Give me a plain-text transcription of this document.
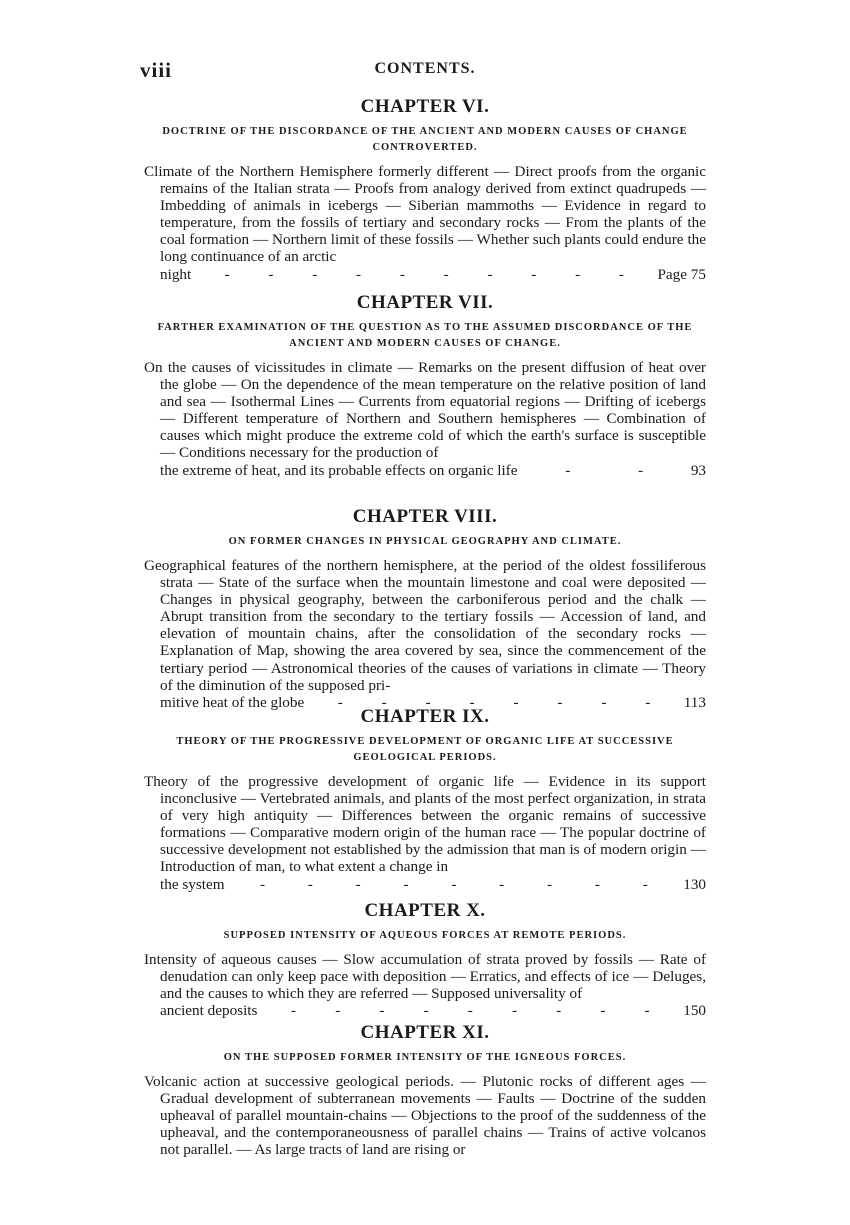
viii	CONTENTS.
CHAPTER VI.

DOCTRINE OF THE DISCORDANCE OF THE ANCIENT AND MODERN CAUSES OF CHANGE CONTROVERTED.

Climate of the Northern Hemisphere formerly different — Direct proofs from the organic remains of the Italian strata — Proofs from analogy derived from extinct quadrupeds — Imbedding of animals in icebergs — Siberian mammoths — Evidence in regard to temperature, from the fossils of tertiary and secondary rocks — From the plants of the coal formation — Northern limit of these fossils — Whether such plants could endure the long continuance of an arctic
night -	-	-	-	-	-	-	-	-	- Page 75
CHAPTER VII.

FARTHER EXAMINATION OF THE QUESTION AS TO THE ASSUMED DISCORDANCE OF THE ANCIENT AND MODERN CAUSES OF CHANGE.

On the causes of vicissitudes in climate — Remarks on the present diffusion of heat over the globe — On the dependence of the mean temperature on the relative position of land and sea — Isothermal Lines — Currents from equatorial regions — Drifting of icebergs — Different temperature of Northern and Southern hemispheres — Combination of causes which might produce the extreme cold of which the earth's surface is susceptible — Conditions necessary for the production of
the extreme of heat, and its probable effects on organic life	-	-	93
CHAPTER VIII.

ON FORMER CHANGES IN PHYSICAL GEOGRAPHY AND CLIMATE.

Geographical features of the northern hemisphere, at the period of the oldest fossiliferous strata — State of the surface when the mountain limestone and coal were deposited — Changes in physical geography, between the carboniferous period and the chalk — Abrupt transition from the secondary to the tertiary fossils — Accession of land, and elevation of mountain chains, after the consolidation of the secondary rocks — Explanation of Map, showing the area covered by sea, since the commencement of the tertiary period — Astronomical theories of the causes of variations in climate — Theory of the diminution of the supposed pri-
mitive heat of the globe -	-	-	-	-	-	-	- 113
CHAPTER IX.

THEORY OF THE PROGRESSIVE DEVELOPMENT OF ORGANIC LIFE AT SUCCESSIVE GEOLOGICAL PERIODS.

Theory of the progressive development of organic life — Evidence in its support inconclusive — Vertebrated animals, and plants of the most perfect organization, in strata of very high antiquity — Differences between the organic remains of successive formations — Comparative modern origin of the human race — The popular doctrine of successive development not established by the admission that man is of modern origin — Introduction of man, to what extent a change in
the system -	-	-	-	-	-	-	-	- 130
CHAPTER X.

SUPPOSED INTENSITY OF AQUEOUS FORCES AT REMOTE PERIODS.

Intensity of aqueous causes — Slow accumulation of strata proved by fossils — Rate of denudation can only keep pace with deposition — Erratics, and effects of ice — Deluges, and the causes to which they are referred — Supposed universality of
ancient deposits -	-	-	-	-	-	-	-	- 150
CHAPTER XI.

ON THE SUPPOSED FORMER INTENSITY OF THE IGNEOUS FORCES.

Volcanic action at successive geological periods. — Plutonic rocks of different ages — Gradual development of subterranean movements — Faults — Doctrine of the sudden upheaval of parallel mountain-chains — Objections to the proof of the suddenness of the upheaval, and the contemporaneousness of parallel chains — Trains of active volcanos not parallel. — As large tracts of land are rising or
